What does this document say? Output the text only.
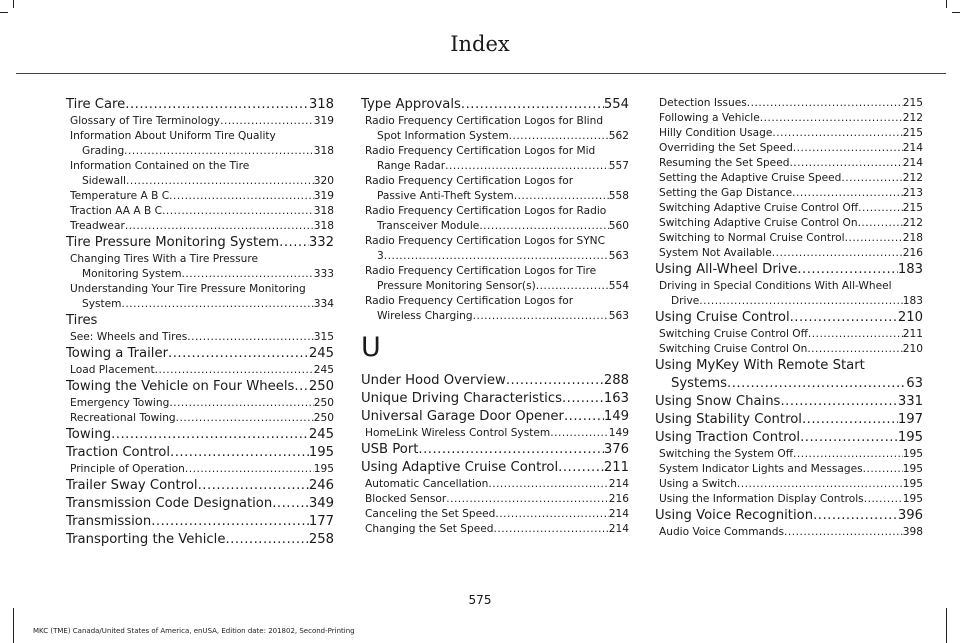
Index
Tire Care .....	318
Glossary of Tire Terminology .....	319
Information About Uniform Tire Quality
Grading .....	318
Information Contained on the Tire
Sidewall .....	320
Temperature A B C .....	319
Traction AA A B C .....	318
Treadwear .....	318
Tire Pressure Monitoring System ..... 332
Changing Tires With a Tire Pressure
Monitoring System .....	333
Understanding Your Tire Pressure Monitoring
System .....	334
Tires
See: Wheels and Tires .....	315
Towing a Trailer .....	245
Load Placement .....	245
Towing the Vehicle on Four Wheels ..... 250
Emergency Towing .....	250
Recreational Towing .....	250
Towing .....	245
Traction Control .....	195
Principle of Operation .....	195
Trailer Sway Control .....	246
Transmission Code Designation .....	349
Transmission .....	177
Transporting the Vehicle .....	258
Type Approvals .....	554
Radio Frequency Certification Logos for Blind
Spot Information System .....	562
Radio Frequency Certification Logos for Mid
Range Radar .....	557
Radio Frequency Certification Logos for
Passive Anti-Theft System .....	558
Radio Frequency Certification Logos for Radio
Transceiver Module .....	560
Radio Frequency Certification Logos for SYNC
3 .....	563
Radio Frequency Certification Logos for Tire
Pressure Monitoring Sensor(s) .....	554
Radio Frequency Certification Logos for
Wireless Charging .....	563
U
Under Hood Overview .....	288
Unique Driving Characteristics .....	163
Universal Garage Door Opener .....	149
HomeLink Wireless Control System .....	149
USB Port .....	376
Using Adaptive Cruise Control .....	211
Automatic Cancellation .....	214
Blocked Sensor .....	216
Canceling the Set Speed .....	214
Changing the Set Speed .....	214
Detection Issues .....	215
Following a Vehicle .....	212
Hilly Condition Usage .....	215
Overriding the Set Speed .....	214
Resuming the Set Speed .....	214
Setting the Adaptive Cruise Speed .....	212
Setting the Gap Distance .....	213
Switching Adaptive Cruise Control Off .....	215
Switching Adaptive Cruise Control On .....	212
Switching to Normal Cruise Control .....	218
System Not Available .....	216
Using All-Wheel Drive .....	183
Driving in Special Conditions With All-Wheel
Drive .....	183
Using Cruise Control .....	210
Switching Cruise Control Off .....	211
Switching Cruise Control On .....	210
Using MyKey With Remote Start
Systems .....	63
Using Snow Chains .....	331
Using Stability Control .....	197
Using Traction Control .....	195
Switching the System Off .....	195
System Indicator Lights and Messages .....	195
Using a Switch .....	195
Using the Information Display Controls .....	195
Using Voice Recognition .....	396
Audio Voice Commands .....	398
575
MKC (TME) Canada/United States of America, enUSA, Edition date: 201802, Second-Printing
